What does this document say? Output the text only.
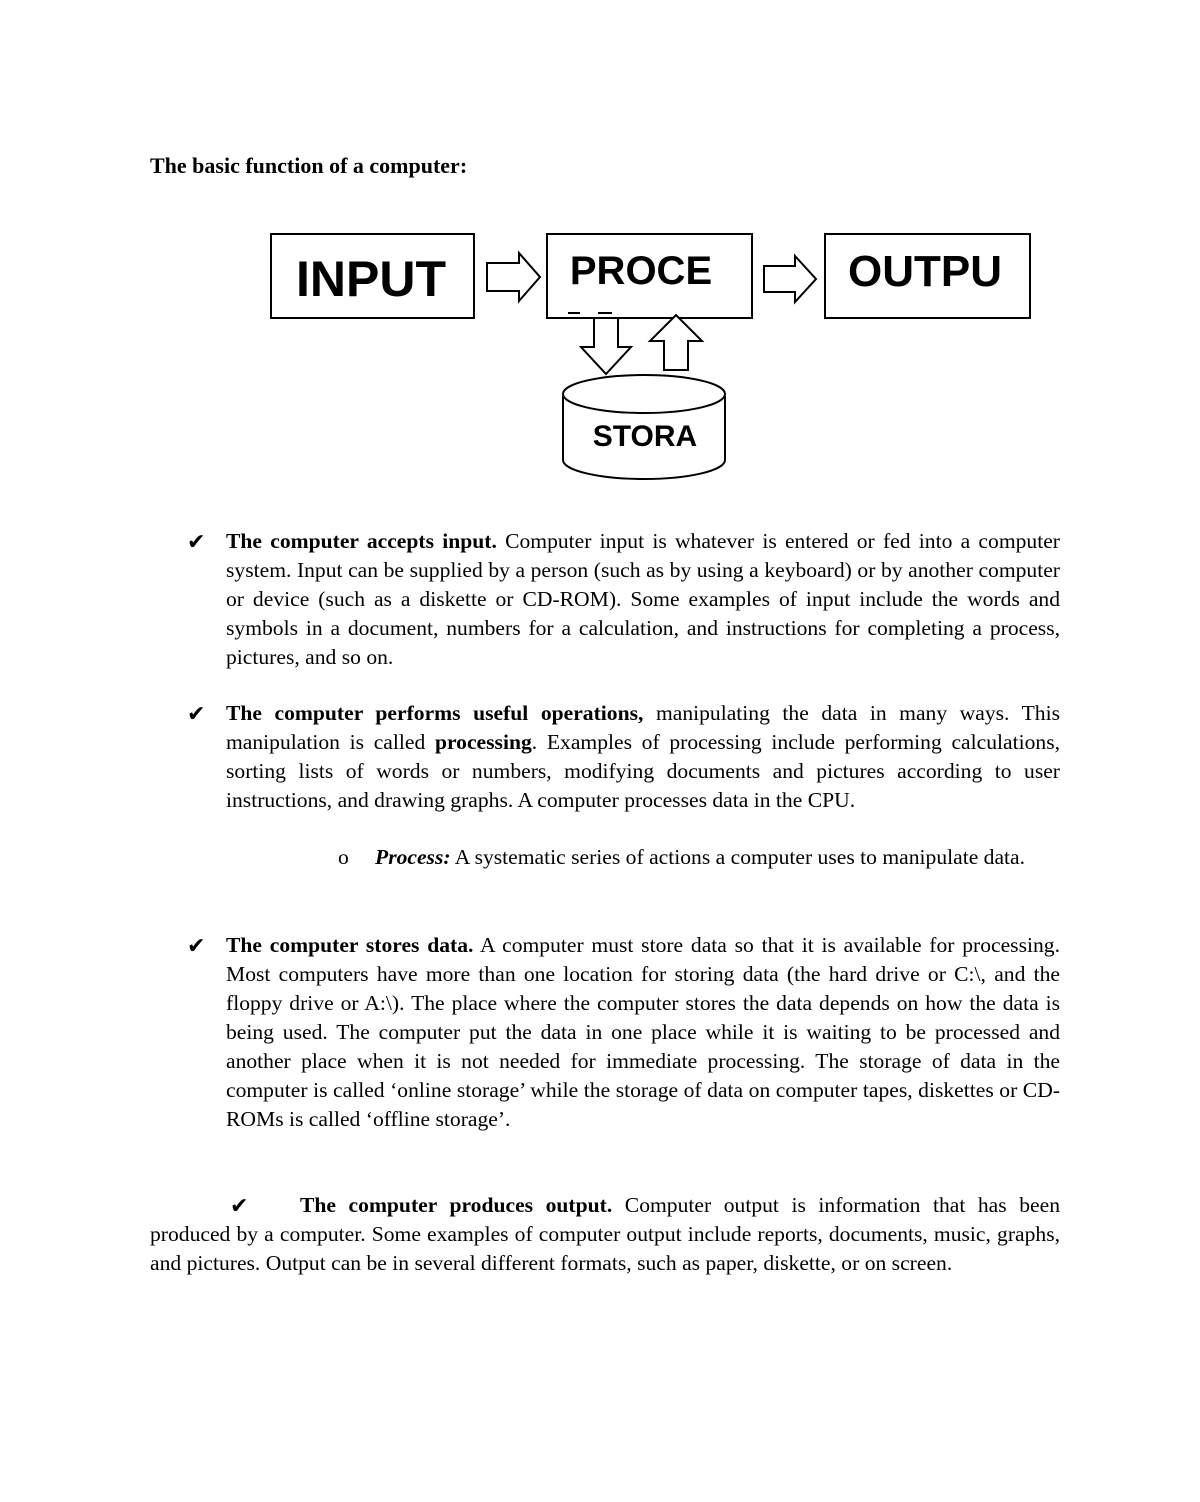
The basic function of a computer:
INPUT	PROCE	OUTPU
STORA
✔ The computer accepts input. Computer input is whatever is entered or fed into a computer system. Input can be supplied by a person (such as by using a keyboard) or by another computer or device (such as a diskette or CD-ROM). Some examples of input include the words and symbols in a document, numbers for a calculation, and instructions for completing a process, pictures, and so on.

✔ The computer performs useful operations, manipulating the data in many ways. This manipulation is called processing. Examples of processing include performing calculations, sorting lists of words or numbers, modifying documents and pictures according to user instructions, and drawing graphs. A computer processes data in the CPU.

o Process: A systematic series of actions a computer uses to manipulate data.

✔ The computer stores data. A computer must store data so that it is available for processing. Most computers have more than one location for storing data (the hard drive or C:\, and the floppy drive or A:\). The place where the computer stores the data depends on how the data is being used. The computer put the data in one place while it is waiting to be processed and another place when it is not needed for immediate processing. The storage of data in the computer is called ‘online storage’ while the storage of data on computer tapes, diskettes or CD-ROMs is called ‘offline storage’.

✔	The computer produces output. Computer output is information that has been produced by a computer. Some examples of computer output include reports, documents, music, graphs, and pictures. Output can be in several different formats, such as paper, diskette, or on screen.
